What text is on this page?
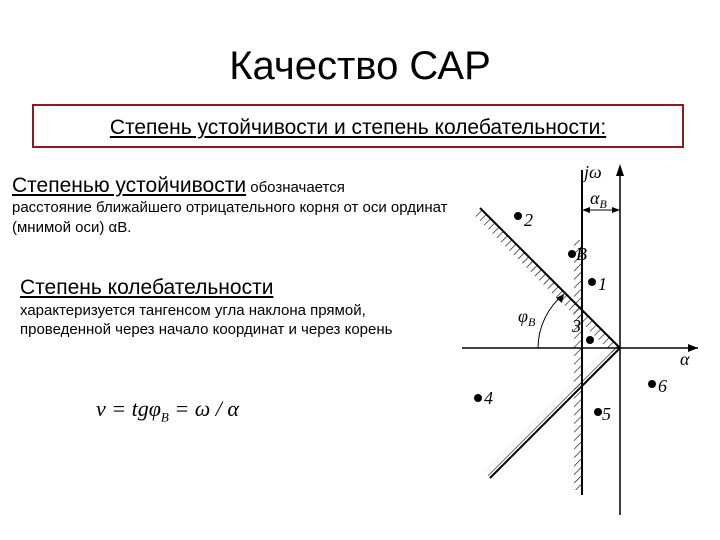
Качество САР
Степень устойчивости и степень колебательности:
Степенью устойчивости обозначается
расстояние ближайшего отрицательного корня от оси ординат (мнимой оси) αВ.
Степень колебательности
характеризуется тангенсом угла наклона прямой, проведенной через начало координат и через корень
ν = tgφ$_B$ = ω / α
jω
α
$\alpha_B$
$\varphi_B$
2
B
1
3
4
5
6
